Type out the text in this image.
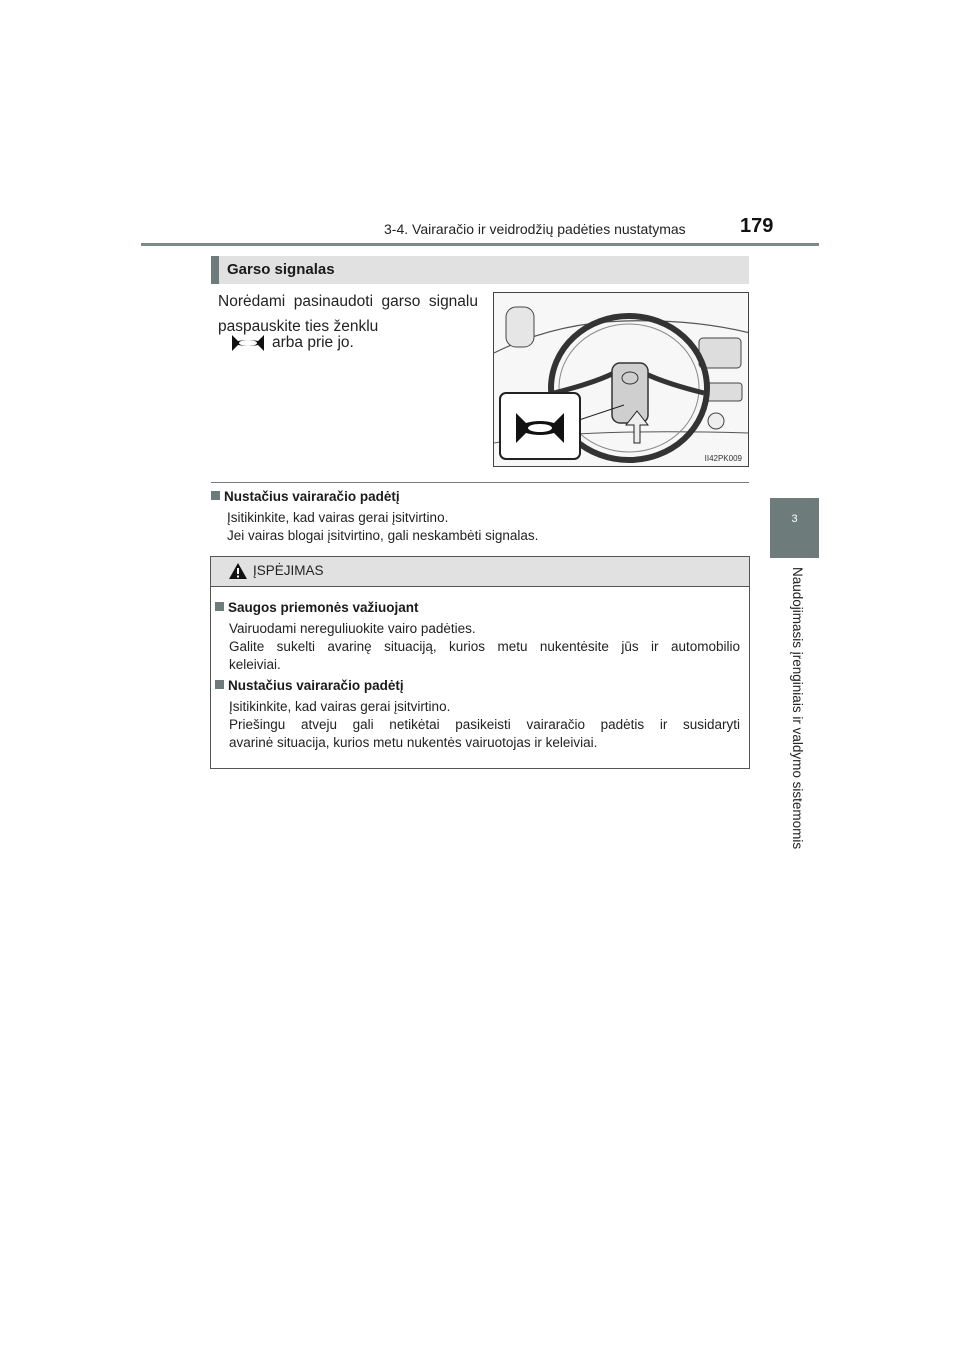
3-4. Vairaračio ir veidrodžių padėties nustatymas	179
3
Naudojimasis įrenginiais ir valdymo sistemomis
Garso signalas
Norėdami pasinaudoti garso signalu paspauskite ties ženklu
arba prie jo.
II42PK009
Nustačius vairaračio padėtį
Įsitikinkite, kad vairas gerai įsitvirtino.
Jei vairas blogai įsitvirtino, gali neskambėti signalas.
ĮSPĖJIMAS
Saugos priemonės važiuojant
Vairuodami nereguliuokite vairo padėties.
Galite sukelti avarinę situaciją, kurios metu nukentėsite jūs ir automobilio
keleiviai.
Nustačius vairaračio padėtį
Įsitikinkite, kad vairas gerai įsitvirtino.
Priešingu atveju gali netikėtai pasikeisti vairaračio padėtis ir susidaryti
avarinė situacija, kurios metu nukentės vairuotojas ir keleiviai.
